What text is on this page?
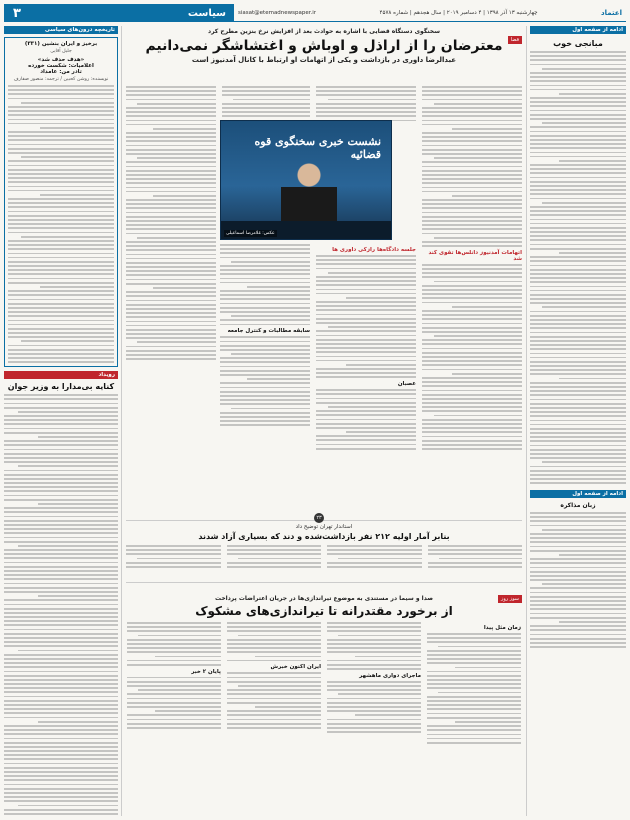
۳	سیاست	siasat@etemadnewspaper.ir	چهارشنبه ۱۳ آذر ۱۳۹۸ | ۴ دسامبر ۲۰۱۹ | سال هجدهم | شماره ۴۵۷۸	اعتماد
ادامه از صفحه اول
مبانجی خوب
ادامه از صفحه اول
زبان مذاکره
تاریخچه درون‌های سیاسی
برخیز و ایران بنشین (۳۳۱)
جلیل آقایی
«هدف حذف شد»
اعلامیات: شکست خورده
تادر من: عامداد
نویسنده: روشن کحبین / ترجمه: منصور صفارف
رویداد
کنایه بی‌مدارا به وزیر جوان
قضا
سخنگوی دستگاه قضایی با اشاره به حوادث بعد از افزایش نرخ بنزین مطرح کرد
معترضان را از اراذل و اوباش و اغتشاشگر نمی‌دانیم
عبدالرضا داوری در بازداشت و یکی از اتهامات او ارتباط با کانال آمدنیوز است
اتهامات آمدنیوز دانلس‌ها تقوی‌ کند شد
جلسه دادگاه‌ها رازکی داوری ها
عصبان
سابقه مطالبات و کنترل جامعه
نشست خبری سخنگوی قوه قضائیه
عکس: غلامرضا اسماعیلی
استاندار تهران توضیح داد
بنابر آمار اولیه ۲۱۲ نفر بازداشت‌شده و دند که بسیاری آزاد شدند
۲۳
سوز روز
صدا و سیما در مستندی به موضوع تیراندازی‌ها در جریان اعتراضات پرداخت
از برخورد مقتدرانه تا تیراندازی‌های مشکوک
زمان مثل پیدا
ماجرای دواری ماهشهر
ایران اکنون خبرش
پایان ۲ خبر
